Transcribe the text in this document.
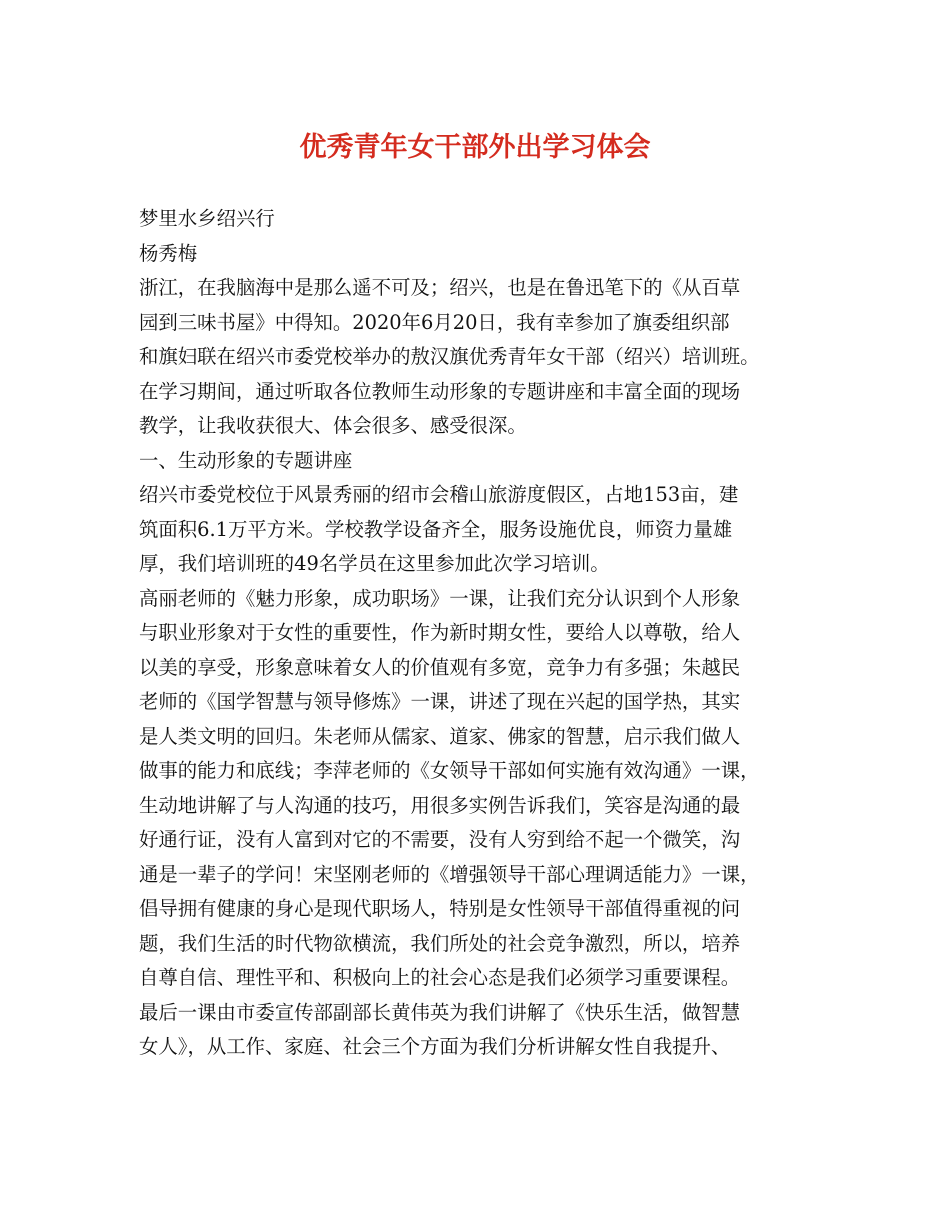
优秀青年女干部外出学习体会
梦里水乡绍兴行
杨秀梅
浙江，在我脑海中是那么遥不可及；绍兴，也是在鲁迅笔下的《从百草
园到三味书屋》中得知。2020年6月20日，我有幸参加了旗委组织部
和旗妇联在绍兴市委党校举办的敖汉旗优秀青年女干部（绍兴）培训班。
在学习期间，通过听取各位教师生动形象的专题讲座和丰富全面的现场
教学，让我收获很大、体会很多、感受很深。
一、生动形象的专题讲座
绍兴市委党校位于风景秀丽的绍市会稽山旅游度假区，占地153亩，建
筑面积6.1万平方米。学校教学设备齐全，服务设施优良，师资力量雄
厚，我们培训班的49名学员在这里参加此次学习培训。
高丽老师的《魅力形象，成功职场》一课，让我们充分认识到个人形象
与职业形象对于女性的重要性，作为新时期女性，要给人以尊敬，给人
以美的享受，形象意味着女人的价值观有多宽，竞争力有多强；朱越民
老师的《国学智慧与领导修炼》一课，讲述了现在兴起的国学热，其实
是人类文明的回归。朱老师从儒家、道家、佛家的智慧，启示我们做人
做事的能力和底线；李萍老师的《女领导干部如何实施有效沟通》一课，
生动地讲解了与人沟通的技巧，用很多实例告诉我们，笑容是沟通的最
好通行证，没有人富到对它的不需要，没有人穷到给不起一个微笑，沟
通是一辈子的学问！宋坚刚老师的《增强领导干部心理调适能力》一课，
倡导拥有健康的身心是现代职场人，特别是女性领导干部值得重视的问
题，我们生活的时代物欲横流，我们所处的社会竞争激烈，所以，培养
自尊自信、理性平和、积极向上的社会心态是我们必须学习重要课程。
最后一课由市委宣传部副部长黄伟英为我们讲解了《快乐生活，做智慧
女人》，从工作、家庭、社会三个方面为我们分析讲解女性自我提升、
